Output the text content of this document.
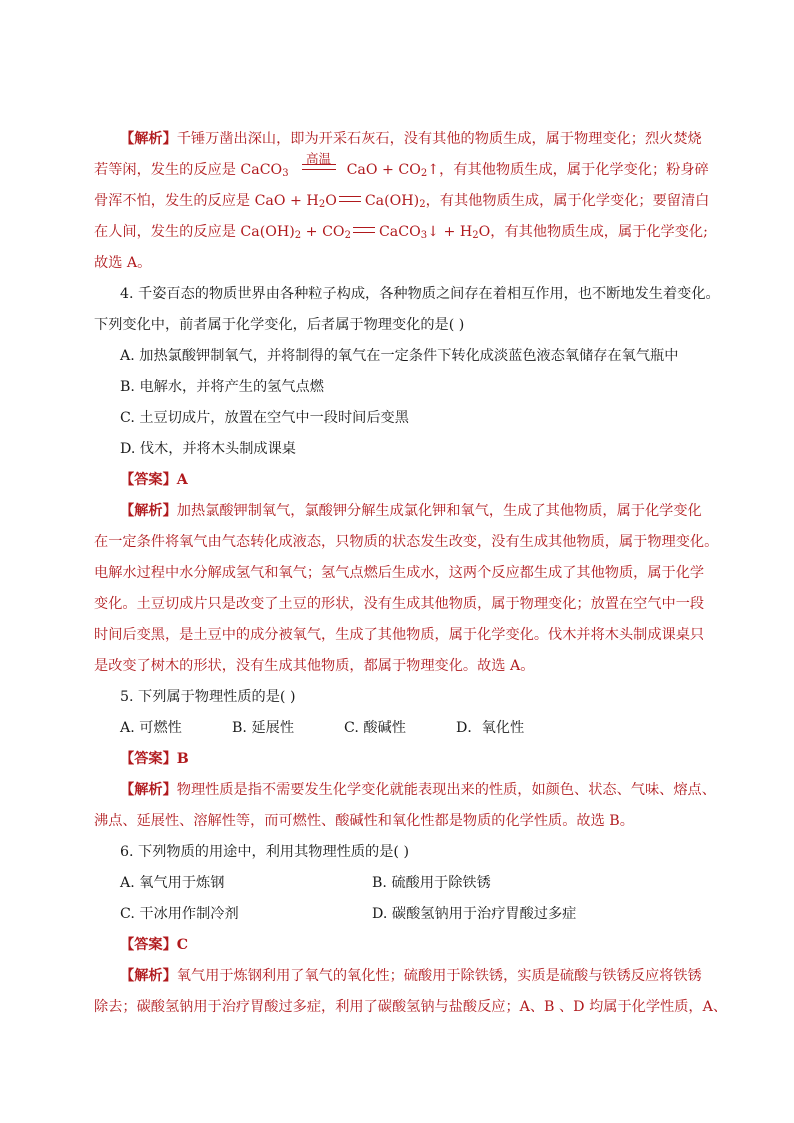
【解析】千锤万凿出深山，即为开采石灰石，没有其他的物质生成，属于物理变化；烈火焚烧
若等闲，发生的反应是 CaCO$_3$
高温
CaO + $CO_2↑$，有其他物质生成，属于化学变化；粉身碎
骨浑不怕，发生的反应是 CaO + $H_2O$ $Ca(OH)_2$，有其他物质生成，属于化学变化；要留清白
在人间，发生的反应是 $Ca(OH)_2 + CO_2$ CaCO$_3$↓ + $H_2O$，有其他物质生成，属于化学变化;
故选 A。
4. 千姿百态的物质世界由各种粒子构成，各种物质之间存在着相互作用，也不断地发生着变化。
下列变化中，前者属于化学变化，后者属于物理变化的是( )
A. 加热氯酸钾制氧气，并将制得的氧气在一定条件下转化成淡蓝色液态氧储存在氧气瓶中
B. 电解水，并将产生的氢气点燃
C. 土豆切成片，放置在空气中一段时间后变黑
D. 伐木，并将木头制成课桌
【答案】A
【解析】加热氯酸钾制氧气，氯酸钾分解生成氯化钾和氧气，生成了其他物质，属于化学变化
在一定条件将氧气由气态转化成液态，只物质的状态发生改变，没有生成其他物质，属于物理变化。
电解水过程中水分解成氢气和氧气；氢气点燃后生成水，这两个反应都生成了其他物质，属于化学
变化。土豆切成片只是改变了土豆的形状，没有生成其他物质，属于物理变化；放置在空气中一段
时间后变黑，是土豆中的成分被氧气，生成了其他物质，属于化学变化。伐木并将木头制成课桌只
是改变了树木的形状，没有生成其他物质，都属于物理变化。故选 A。
5. 下列属于物理性质的是( )
A. 可燃性	B. 延展性	C. 酸碱性	D．氧化性
【答案】B
【解析】物理性质是指不需要发生化学变化就能表现出来的性质，如颜色、状态、气味、熔点、
沸点、延展性、溶解性等，而可燃性、酸碱性和氧化性都是物质的化学性质。故选 B。
6. 下列物质的用途中，利用其物理性质的是( )
A. 氧气用于炼钢	B. 硫酸用于除铁锈
C. 干冰用作制冷剂	D. 碳酸氢钠用于治疗胃酸过多症
【答案】C
【解析】氧气用于炼钢利用了氧气的氧化性；硫酸用于除铁锈，实质是硫酸与铁锈反应将铁锈
除去；碳酸氢钠用于治疗胃酸过多症，利用了碳酸氢钠与盐酸反应；A、B 、D 均属于化学性质，A、
